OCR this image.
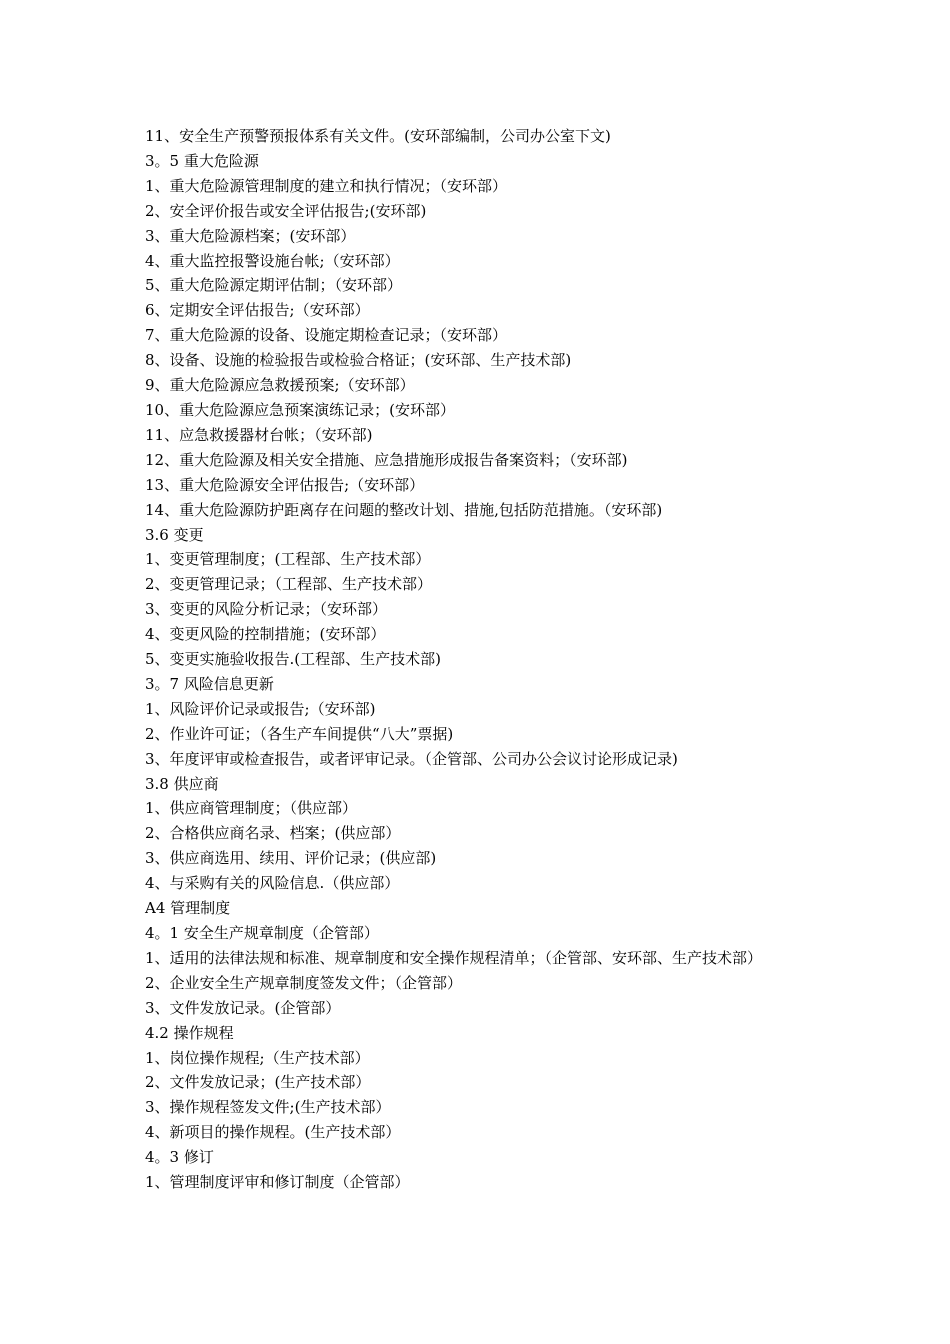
11、安全生产预警预报体系有关文件。(安环部编制，公司办公室下文)

3。5 重大危险源

1、重大危险源管理制度的建立和执行情况；（安环部）

2、安全评价报告或安全评估报告;(安环部)

3、重大危险源档案；(安环部）

4、重大监控报警设施台帐;（安环部）

5、重大危险源定期评估制；（安环部）

6、定期安全评估报告;（安环部）

7、重大危险源的设备、设施定期检查记录；（安环部）

8、设备、设施的检验报告或检验合格证；(安环部、生产技术部)

9、重大危险源应急救援预案;（安环部）

10、重大危险源应急预案演练记录；(安环部）

11、应急救援器材台帐；（安环部)

12、重大危险源及相关安全措施、应急措施形成报告备案资料；（安环部)

13、重大危险源安全评估报告;（安环部）

14、重大危险源防护距离存在问题的整改计划、措施,包括防范措施。（安环部)

3.6 变更

1、变更管理制度；(工程部、生产技术部）

2、变更管理记录；（工程部、生产技术部）

3、变更的风险分析记录；（安环部）

4、变更风险的控制措施；(安环部）

5、变更实施验收报告.(工程部、生产技术部)

3。7 风险信息更新

1、风险评价记录或报告;（安环部)

2、作业许可证；（各生产车间提供“八大”票据)

3、年度评审或检查报告，或者评审记录。（企管部、公司办公会议讨论形成记录)

3.8 供应商

1、供应商管理制度；（供应部）

2、合格供应商名录、档案；(供应部）

3、供应商选用、续用、评价记录；(供应部)

4、与采购有关的风险信息.（供应部）

A4 管理制度

4。1 安全生产规章制度（企管部）

1、适用的法律法规和标准、规章制度和安全操作规程清单；（企管部、安环部、生产技术部）

2、企业安全生产规章制度签发文件；（企管部）

3、文件发放记录。(企管部）

4.2 操作规程

1、岗位操作规程;（生产技术部）

2、文件发放记录；(生产技术部）

3、操作规程签发文件;(生产技术部）

4、新项目的操作规程。(生产技术部）

4。3 修订

1、管理制度评审和修订制度（企管部）
